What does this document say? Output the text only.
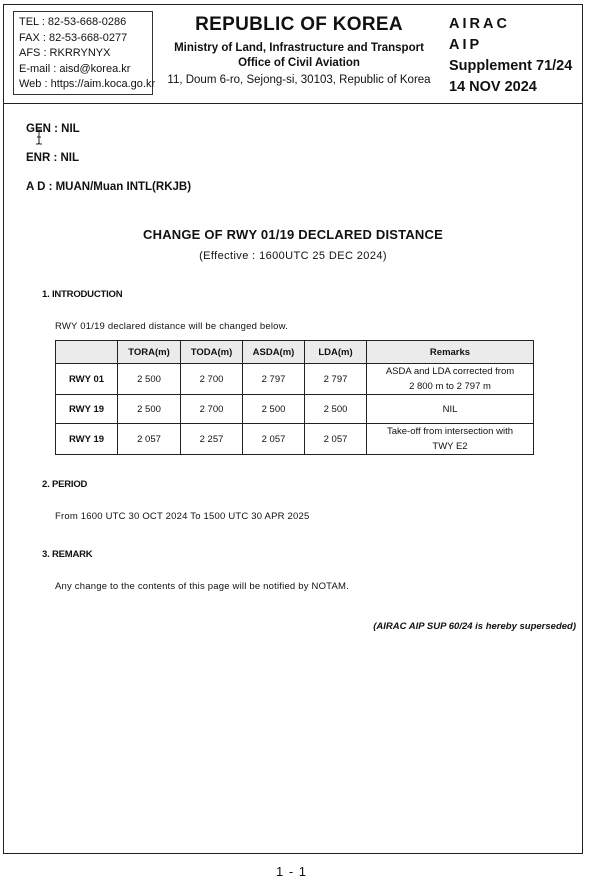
TEL : 82-53-668-0286
FAX : 82-53-668-0277
AFS : RKRRYNYX
E-mail : aisd@korea.kr
Web : https://aim.koca.go.kr
REPUBLIC OF KOREA
Ministry of Land, Infrastructure and Transport
Office of Civil Aviation
11, Doum 6-ro, Sejong-si, 30103, Republic of Korea
AIRAC
AIP
Supplement 71/24
14 NOV 2024
GEN : NIL
ENR : NIL
A D : MUAN/Muan INTL(RKJB)
CHANGE OF RWY 01/19 DECLARED DISTANCE
(Effective : 1600UTC 25 DEC 2024)
1. INTRODUCTION
RWY 01/19 declared distance will be changed below.
	TORA(m)	TODA(m)	ASDA(m)	LDA(m)	Remarks
RWY 01	2 500	2 700	2 797	2 797	ASDA and LDA corrected from
2 800 m to 2 797 m

RWY 19	2 500	2 700	2 500	2 500	NIL

RWY 19	2 057	2 257	2 057	2 057	Take-off from intersection with
TWY E2
2. PERIOD
From 1600 UTC 30 OCT 2024 To 1500 UTC 30 APR 2025
3. REMARK
Any change to the contents of this page will be notified by NOTAM.
(AIRAC AIP SUP 60/24 is hereby superseded)
1 - 1
